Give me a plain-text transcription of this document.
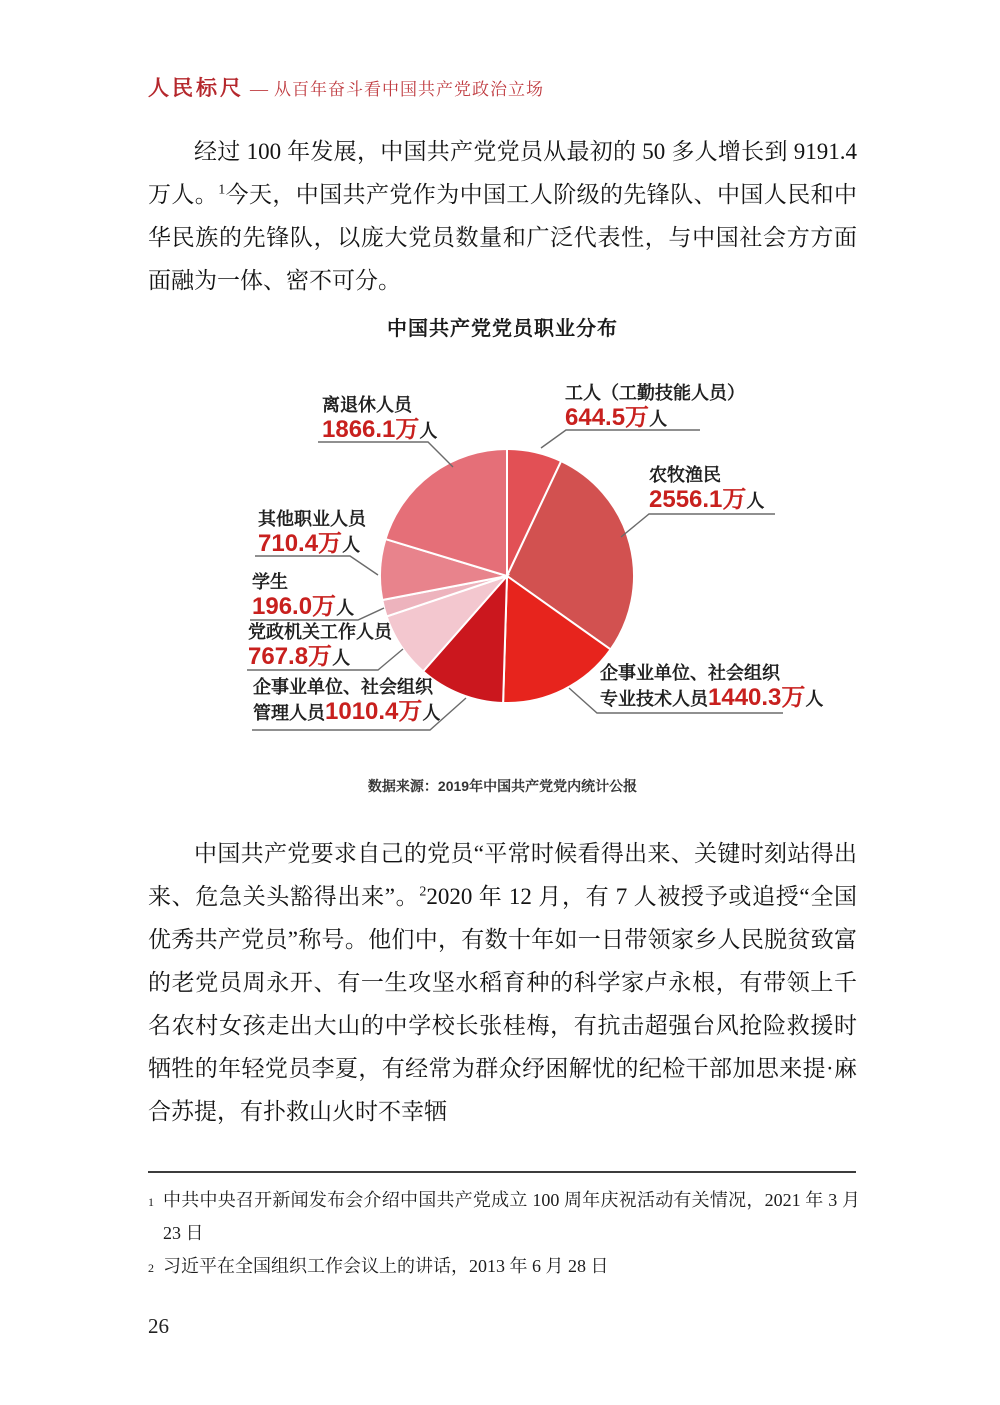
人民标尺 — 从百年奋斗看中国共产党政治立场

经过 100 年发展，中国共产党党员从最初的 50 多人增长到 9191.4 万人。$^1$今天，中国共产党作为中国工人阶级的先锋队、中国人民和中华民族的先锋队，以庞大党员数量和广泛代表性，与中国社会方方面面融为一体、密不可分。

中国共产党党员职业分布
离退休人员
1866.1万人
工人（工勤技能人员）
644.5万人
农牧渔民
2556.1万人
其他职业人员
710.4万人
学生
196.0万人
党政机关工作人员
767.8万人
企事业单位、社会组织
管理人员1010.4万人
企事业单位、社会组织
专业技术人员1440.3万人
数据来源：2019年中国共产党党内统计公报

中国共产党要求自己的党员“平常时候看得出来、关键时刻站得出来、危急关头豁得出来”。$^2$2020 年 12 月，有 7 人被授予或追授“全国优秀共产党员”称号。他们中，有数十年如一日带领家乡人民脱贫致富的老党员周永开、有一生攻坚水稻育种的科学家卢永根，有带领上千名农村女孩走出大山的中学校长张桂梅，有抗击超强台风抢险救援时牺牲的年轻党员李夏，有经常为群众纾困解忧的纪检干部加思来提·麻合苏提，有扑救山火时不幸牺

1 中共中央召开新闻发布会介绍中国共产党成立 100 周年庆祝活动有关情况，2021 年 3 月 23 日
2 习近平在全国组织工作会议上的讲话，2013 年 6 月 28 日
26
